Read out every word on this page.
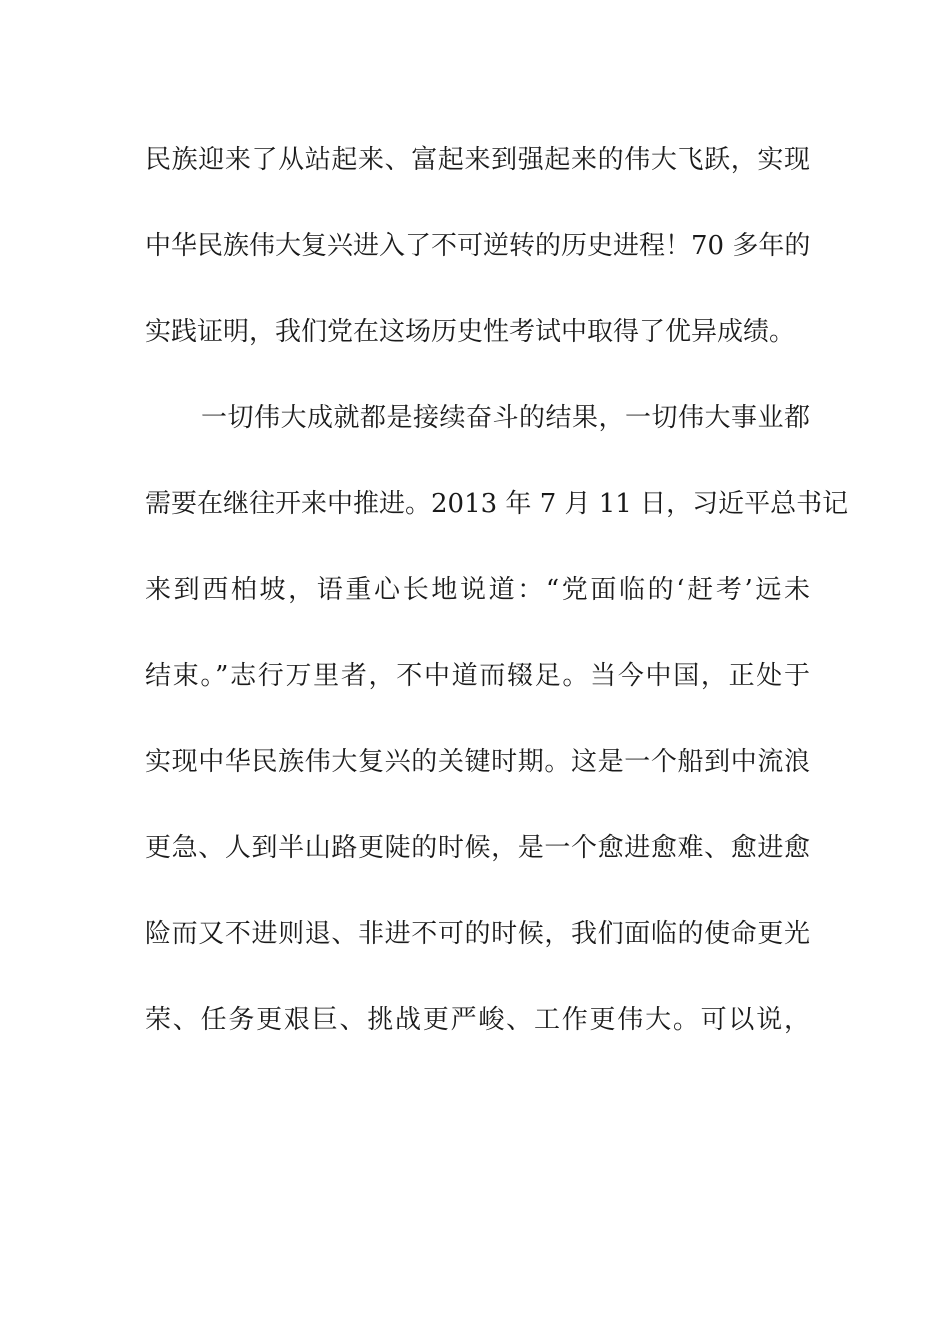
民族迎来了从站起来、富起来到强起来的伟大飞跃，实现
中华民族伟大复兴进入了不可逆转的历史进程！70 多年的
实践证明，我们党在这场历史性考试中取得了优异成绩。
一切伟大成就都是接续奋斗的结果，一切伟大事业都
需要在继往开来中推进。2013 年 7 月 11 日，习近平总书记
来到西柏坡，语重心长地说道：“党面临的‘赶考’远未
结束。”志行万里者，不中道而辍足。当今中国，正处于
实现中华民族伟大复兴的关键时期。这是一个船到中流浪
更急、人到半山路更陡的时候，是一个愈进愈难、愈进愈
险而又不进则退、非进不可的时候，我们面临的使命更光
荣、任务更艰巨、挑战更严峻、工作更伟大。可以说，
